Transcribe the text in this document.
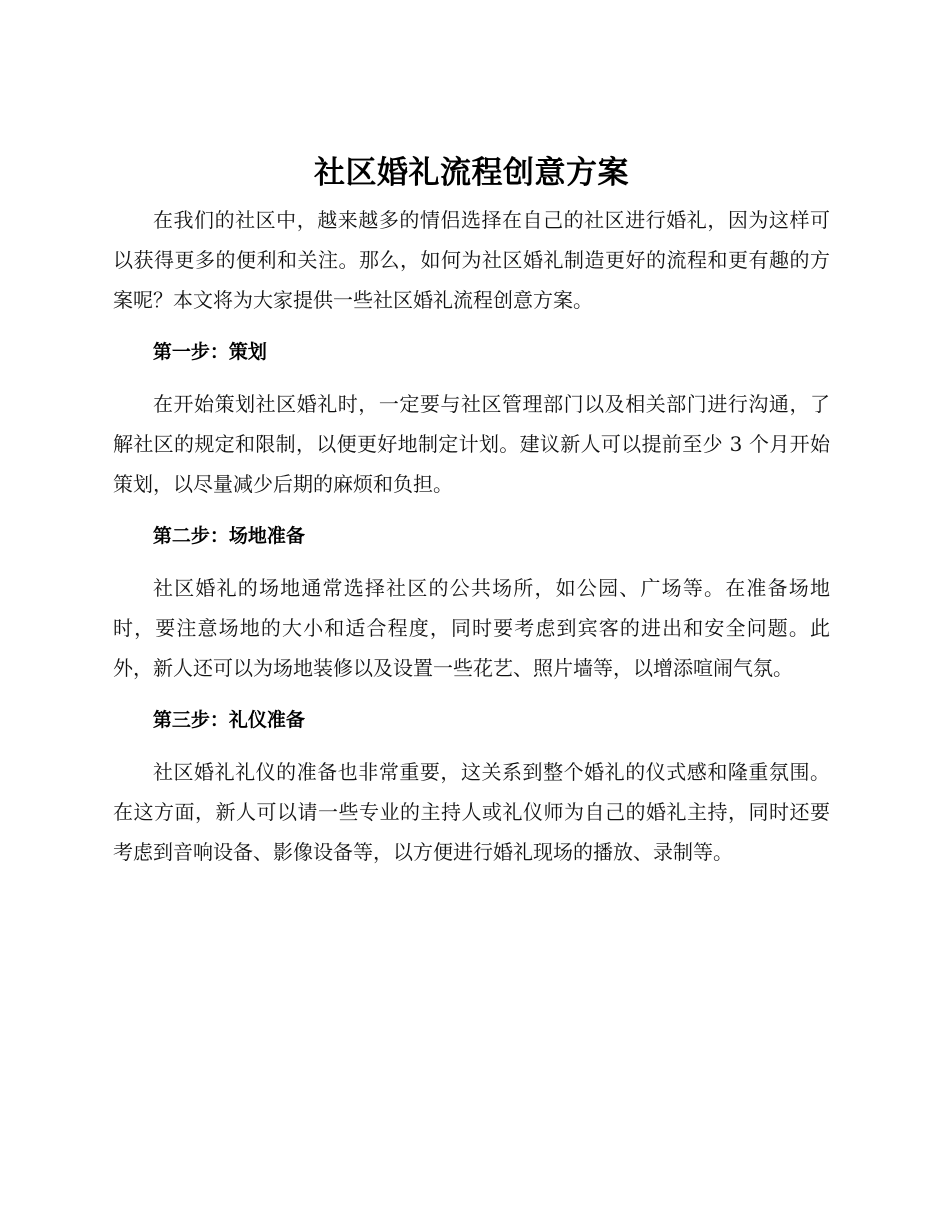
社区婚礼流程创意方案

在我们的社区中，越来越多的情侣选择在自己的社区进行婚礼，因为这样可以获得更多的便利和关注。那么，如何为社区婚礼制造更好的流程和更有趣的方案呢？本文将为大家提供一些社区婚礼流程创意方案。

第一步：策划

在开始策划社区婚礼时，一定要与社区管理部门以及相关部门进行沟通，了解社区的规定和限制，以便更好地制定计划。建议新人可以提前至少 3 个月开始策划，以尽量减少后期的麻烦和负担。

第二步：场地准备

社区婚礼的场地通常选择社区的公共场所，如公园、广场等。在准备场地时，要注意场地的大小和适合程度，同时要考虑到宾客的进出和安全问题。此外，新人还可以为场地装修以及设置一些花艺、照片墙等，以增添喧闹气氛。

第三步：礼仪准备

社区婚礼礼仪的准备也非常重要，这关系到整个婚礼的仪式感和隆重氛围。在这方面，新人可以请一些专业的主持人或礼仪师为自己的婚礼主持，同时还要考虑到音响设备、影像设备等，以方便进行婚礼现场的播放、录制等。
